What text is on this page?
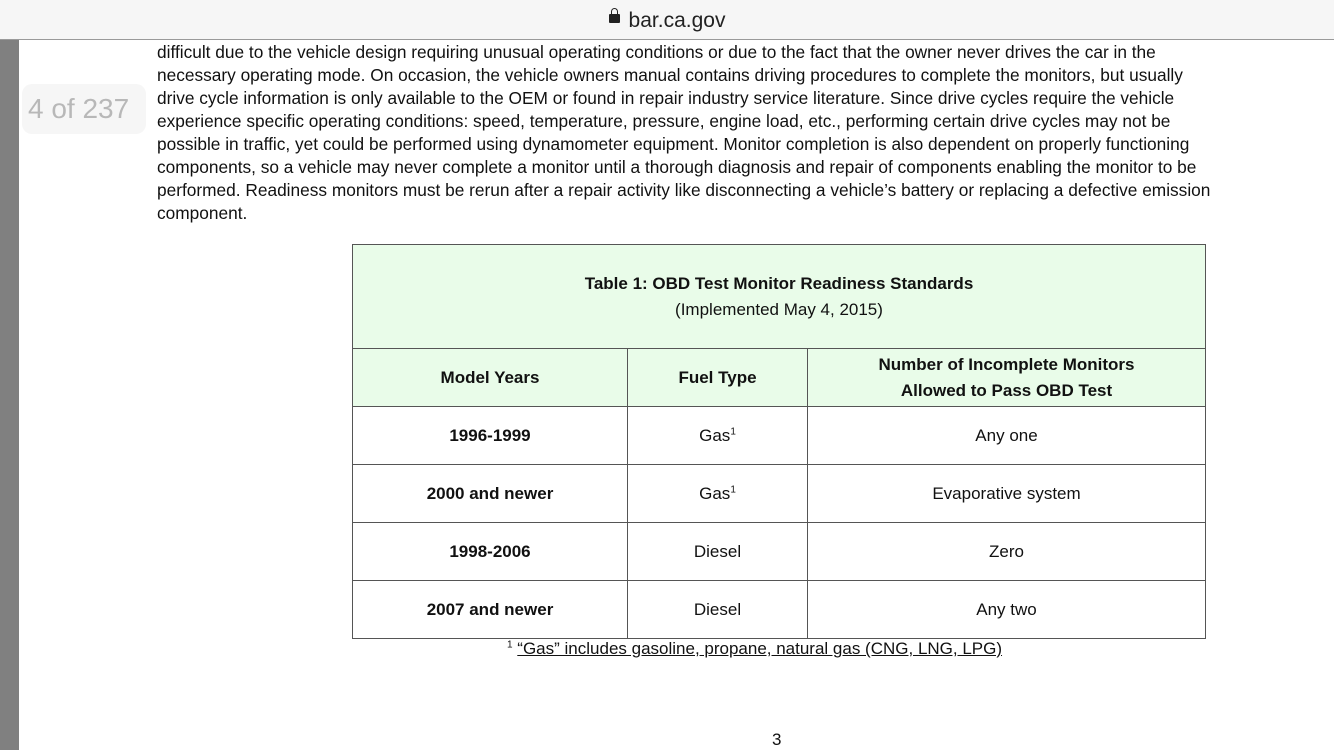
bar.ca.gov
4 of 237
difficult due to the vehicle design requiring unusual operating conditions or due to the fact that the owner never drives the car in the
necessary operating mode. On occasion, the vehicle owners manual contains driving procedures to complete the monitors, but usually
drive cycle information is only available to the OEM or found in repair industry service literature. Since drive cycles require the vehicle
experience specific operating conditions: speed, temperature, pressure, engine load, etc., performing certain drive cycles may not be
possible in traffic, yet could be performed using dynamometer equipment. Monitor completion is also dependent on properly functioning
components, so a vehicle may never complete a monitor until a thorough diagnosis and repair of components enabling the monitor to be
performed. Readiness monitors must be rerun after a repair activity like disconnecting a vehicle’s battery or replacing a defective emission
component.
Table 1: OBD Test Monitor Readiness Standards
(Implemented May 4, 2015)		

Model Years	Fuel Type	Number of Incomplete Monitors
Allowed to Pass OBD Test

1996-1999	Gas$^1$	Any one
2000 and newer	Gas$^1$	Evaporative system
1998-2006	Diesel	Zero
2007 and newer	Diesel	Any two
$^1$ “Gas” includes gasoline, propane, natural gas (CNG, LNG, LPG)
3
